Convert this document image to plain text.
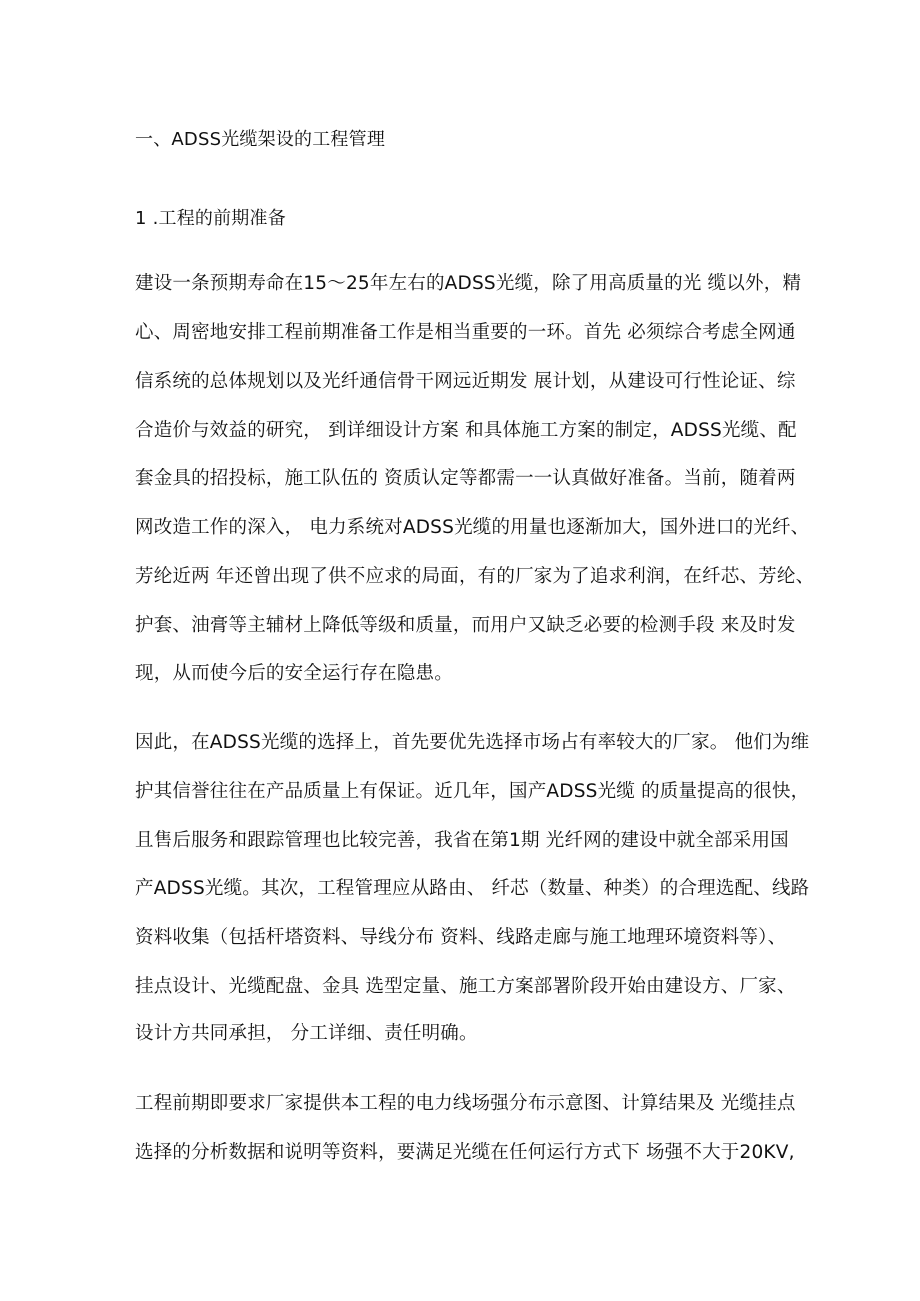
一、ADSS光缆架设的工程管理
1 .工程的前期准备
建设一条预期寿命在15～25年左右的ADSS光缆，除了用高质量的光 缆以外，精
心、周密地安排工程前期准备工作是相当重要的一环。首先 必须综合考虑全网通
信系统的总体规划以及光纤通信骨干网远近期发 展计划，从建设可行性论证、综
合造价与效益的研究， 到详细设计方案 和具体施工方案的制定，ADSS光缆、配
套金具的招投标，施工队伍的 资质认定等都需一一认真做好准备。当前，随着两
网改造工作的深入， 电力系统对ADSS光缆的用量也逐渐加大，国外进口的光纤、
芳纶近两 年还曾出现了供不应求的局面，有的厂家为了追求利润，在纤芯、芳纶、
护套、油膏等主辅材上降低等级和质量，而用户又缺乏必要的检测手段 来及时发
现，从而使今后的安全运行存在隐患。
因此，在ADSS光缆的选择上，首先要优先选择市场占有率较大的厂家。 他们为维
护其信誉往往在产品质量上有保证。近几年，国产ADSS光缆 的质量提高的很快，
且售后服务和跟踪管理也比较完善，我省在第1期 光纤网的建设中就全部采用国
产ADSS光缆。其次，工程管理应从路由、 纤芯（数量、种类）的合理选配、线路
资料收集（包括杆塔资料、导线分布 资料、线路走廊与施工地理环境资料等）、
挂点设计、光缆配盘、金具 选型定量、施工方案部署阶段开始由建设方、厂家、
设计方共同承担， 分工详细、责任明确。
工程前期即要求厂家提供本工程的电力线场强分布示意图、计算结果及 光缆挂点
选择的分析数据和说明等资料，要满足光缆在任何运行方式下 场强不大于20KV,
